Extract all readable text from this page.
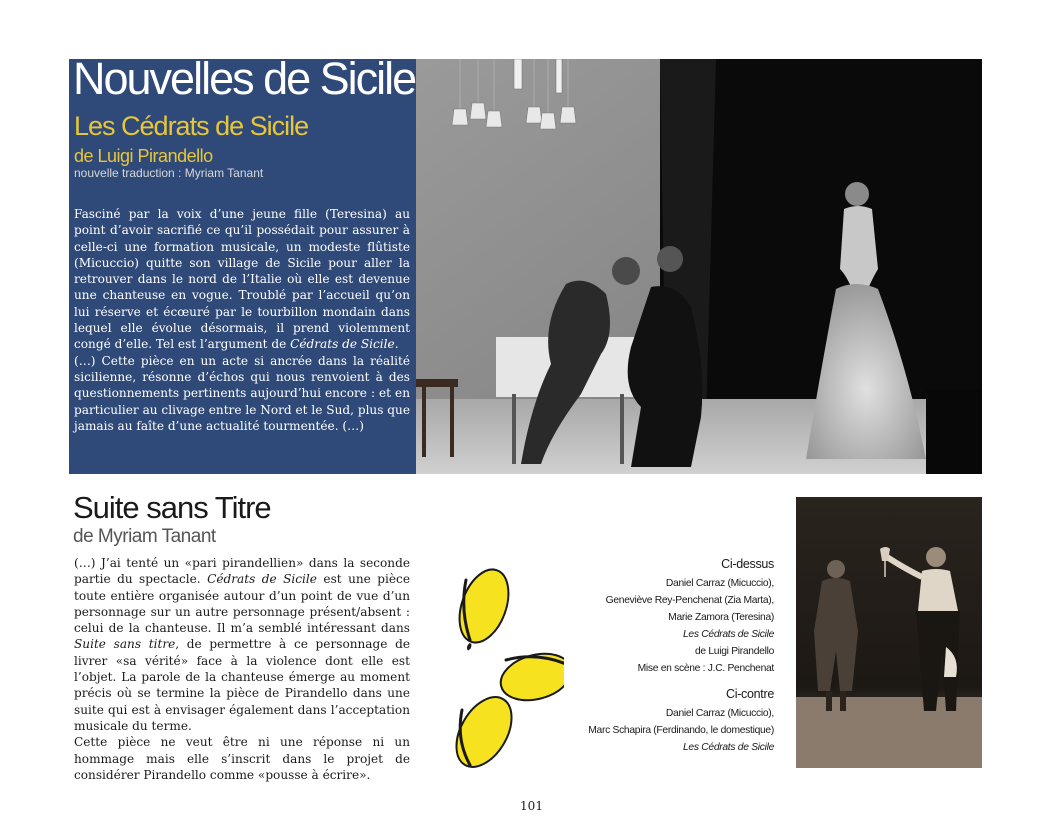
Nouvelles de Sicile
Les Cédrats de Sicile
de Luigi Pirandello
nouvelle traduction : Myriam Tanant

Fasciné par la voix d’une jeune fille (Teresina) au point d’avoir sacrifié ce qu’il possédait pour assurer à celle-ci une formation musicale, un modeste flûtiste (Micuccio) quitte son village de Sicile pour aller la retrouver dans le nord de l’Italie où elle est devenue une chanteuse en vogue. Troublé par l’accueil qu’on lui réserve et écœuré par le tourbillon mondain dans lequel elle évolue désormais, il prend violemment congé d’elle. Tel est l’argument de Cédrats de Sicile.

(…) Cette pièce en un acte si ancrée dans la réalité sicilienne, résonne d’échos qui nous renvoient à des questionnements pertinents aujourd’hui encore : et en particulier au clivage entre le Nord et le Sud, plus que jamais au faîte d’une actualité tourmentée. (…)

Suite sans Titre
de Myriam Tanant

(…) J’ai tenté un «pari pirandellien» dans la seconde partie du spectacle. Cédrats de Sicile est une pièce toute entière organisée autour d’un point de vue d’un personnage sur un autre personnage présent/absent : celui de la chanteuse. Il m’a semblé intéressant dans Suite sans titre, de permettre à ce personnage de livrer «sa vérité» face à la violence dont elle est l’objet. La parole de la chanteuse émerge au moment précis où se termine la pièce de Pirandello dans une suite qui est à envisager également dans l’acceptation musicale du terme.

Cette pièce ne veut être ni une réponse ni un hommage mais elle s’inscrit dans le projet de considérer Pirandello comme «pousse à écrire».

Ci-dessus
Daniel Carraz (Micuccio),
Geneviève Rey-Penchenat (Zia Marta),
Marie Zamora (Teresina)
Les Cédrats de Sicile
de Luigi Pirandello
Mise en scène : J.C. Penchenat
Ci-contre
Daniel Carraz (Micuccio),
Marc Schapira (Ferdinando, le domestique)
Les Cédrats de Sicile
101
